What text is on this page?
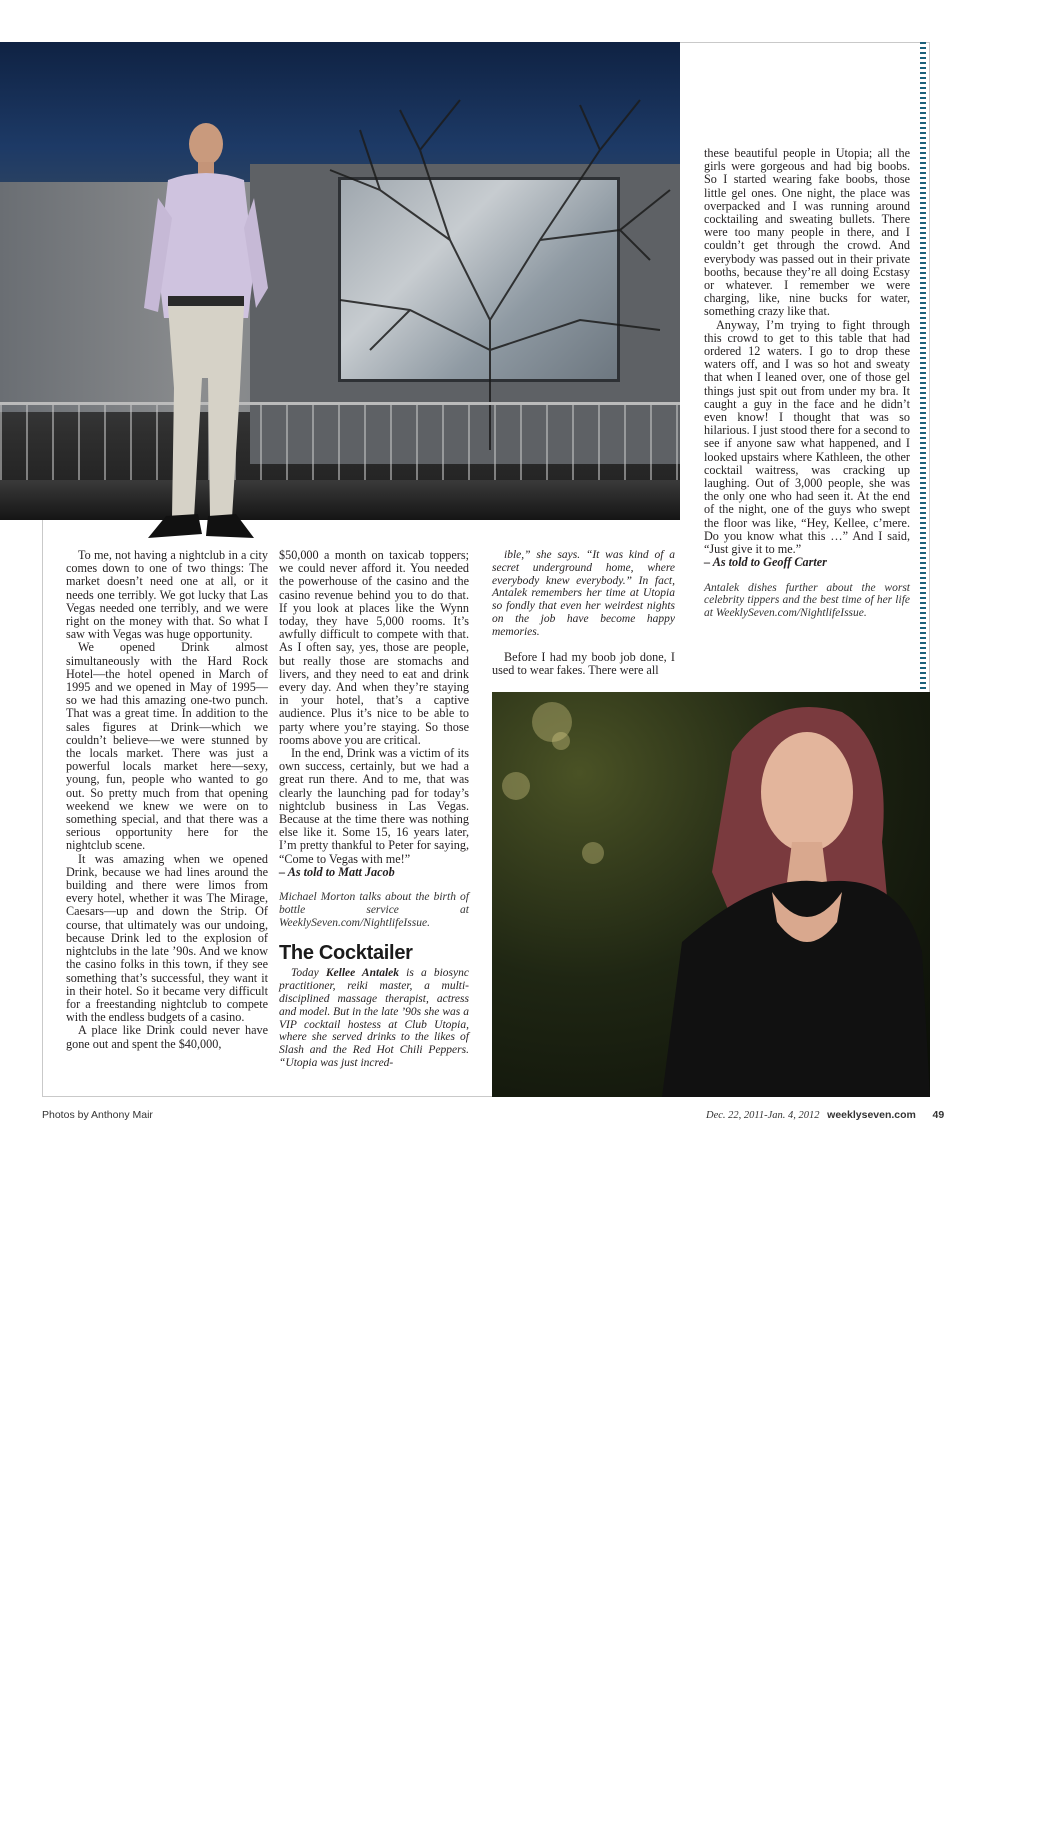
Michael Morton’s Drink later became Ice MetaClub.
Kellee Antalek remembers the good ol’ days … and nights.

To me, not having a nightclub in a city comes down to one of two things: The market doesn’t need one at all, or it needs one terribly. We got lucky that Las Vegas needed one terribly, and we were right on the money with that. So what I saw with Vegas was huge opportunity.

We opened Drink almost simultaneously with the Hard Rock Hotel—the hotel opened in March of 1995 and we opened in May of 1995—so we had this amazing one-two punch. That was a great time. In addition to the sales figures at Drink—which we couldn’t believe—we were stunned by the locals market. There was just a powerful locals market here—sexy, young, fun, people who wanted to go out. So pretty much from that opening weekend we knew we were on to something special, and that there was a serious opportunity here for the nightclub scene.

It was amazing when we opened Drink, because we had lines around the building and there were limos from every hotel, whether it was The Mirage, Caesars—up and down the Strip. Of course, that ultimately was our undoing, because Drink led to the explosion of nightclubs in the late ’90s. And we know the casino folks in this town, if they see something that’s successful, they want it in their hotel. So it became very difficult for a freestanding nightclub to compete with the endless budgets of a casino.

A place like Drink could never have gone out and spent the $40,000,

$50,000 a month on taxicab toppers; we could never afford it. You needed the powerhouse of the casino and the casino revenue behind you to do that. If you look at places like the Wynn today, they have 5,000 rooms. It’s awfully difficult to compete with that. As I often say, yes, those are people, but really those are stomachs and livers, and they need to eat and drink every day. And when they’re staying in your hotel, that’s a captive audience. Plus it’s nice to be able to party where you’re staying. So those rooms above you are critical.

In the end, Drink was a victim of its own success, certainly, but we had a great run there. And to me, that was clearly the launching pad for today’s nightclub business in Las Vegas. Because at the time there was nothing else like it. Some 15, 16 years later, I’m pretty thankful to Peter for saying, “Come to Vegas with me!”

– As told to Matt Jacob

Michael Morton talks about the birth of bottle service at WeeklySeven.com/NightlifeIssue.

The Cocktailer

Today Kellee Antalek is a biosync practitioner, reiki master, a multi-disciplined massage therapist, actress and model. But in the late ’90s she was a VIP cocktail hostess at Club Utopia, where she served drinks to the likes of Slash and the Red Hot Chili Peppers. “Utopia was just incred-

ible,” she says. “It was kind of a secret underground home, where everybody knew everybody.” In fact, Antalek remembers her time at Utopia so fondly that even her weirdest nights on the job have become happy memories.

Before I had my boob job done, I used to wear fakes. There were all

these beautiful people in Utopia; all the girls were gorgeous and had big boobs. So I started wearing fake boobs, those little gel ones. One night, the place was overpacked and I was running around cocktailing and sweating bullets. There were too many people in there, and I couldn’t get through the crowd. And everybody was passed out in their private booths, because they’re all doing Ecstasy or whatever. I remember we were charging, like, nine bucks for water, something crazy like that.

Anyway, I’m trying to fight through this crowd to get to this table that had ordered 12 waters. I go to drop these waters off, and I was so hot and sweaty that when I leaned over, one of those gel things just spit out from under my bra. It caught a guy in the face and he didn’t even know! I thought that was so hilarious. I just stood there for a second to see if anyone saw what happened, and I looked upstairs where Kathleen, the other cocktail waitress, was cracking up laughing. Out of 3,000 people, she was the only one who had seen it. At the end of the night, one of the guys who swept the floor was like, “Hey, Kellee, c’mere. Do you know what this …” And I said, “Just give it to me.”

– As told to Geoff Carter

Antalek dishes further about the worst celebrity tippers and the best time of her life at WeeklySeven.com/NightlifeIssue.

Photos by Anthony Mair	Dec. 22, 2011-Jan. 4, 2012 weeklyseven.com 49
